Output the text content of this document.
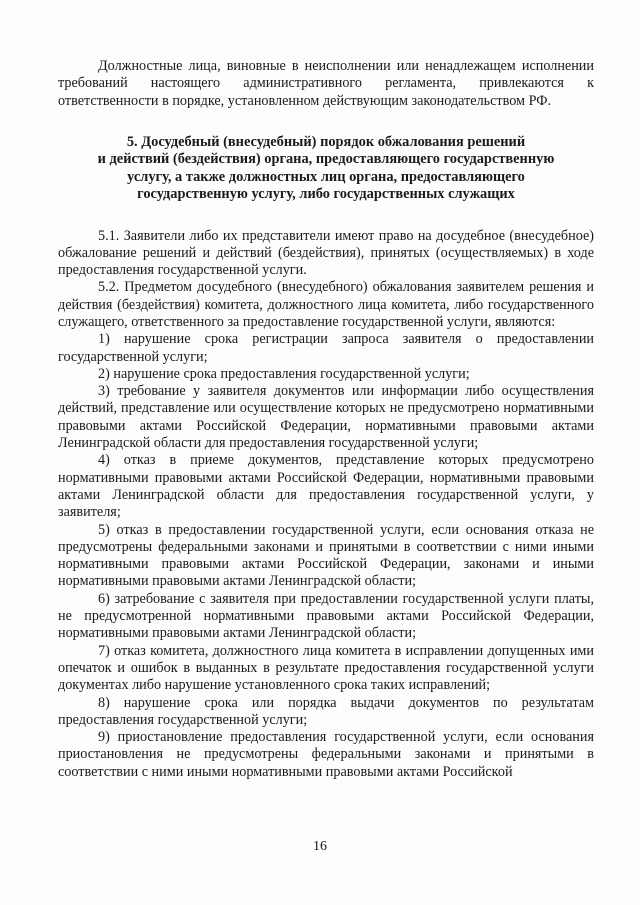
Должностные лица, виновные в неисполнении или ненадлежащем исполнении требований настоящего административного регламента, привлекаются к ответственности в порядке, установленном действующим законодательством РФ.

5. Досудебный (внесудебный) порядок обжалования решений
и действий (бездействия) органа, предоставляющего государственную
услугу, а также должностных лиц органа, предоставляющего
государственную услугу, либо государственных служащих

5.1. Заявители либо их представители имеют право на досудебное (внесудебное) обжалование решений и действий (бездействия), принятых (осуществляемых) в ходе предоставления государственной услуги.

5.2. Предметом досудебного (внесудебного) обжалования заявителем решения и действия (бездействия) комитета, должностного лица комитета, либо государственного служащего, ответственного за предоставление государственной услуги, являются:

1) нарушение срока регистрации запроса заявителя о предоставлении государственной услуги;

2) нарушение срока предоставления государственной услуги;

3) требование у заявителя документов или информации либо осуществления действий, представление или осуществление которых не предусмотрено нормативными правовыми актами Российской Федерации, нормативными правовыми актами Ленинградской области для предоставления государственной услуги;

4) отказ в приеме документов, представление которых предусмотрено нормативными правовыми актами Российской Федерации, нормативными правовыми актами Ленинградской области для предоставления государственной услуги, у заявителя;

5) отказ в предоставлении государственной услуги, если основания отказа не предусмотрены федеральными законами и принятыми в соответствии с ними иными нормативными правовыми актами Российской Федерации, законами и иными нормативными правовыми актами Ленинградской области;

6) затребование с заявителя при предоставлении государственной услуги платы, не предусмотренной нормативными правовыми актами Российской Федерации, нормативными правовыми актами Ленинградской области;

7) отказ комитета, должностного лица комитета в исправлении допущенных ими опечаток и ошибок в выданных в результате предоставления государственной услуги документах либо нарушение установленного срока таких исправлений;

8) нарушение срока или порядка выдачи документов по результатам предоставления государственной услуги;

9) приостановление предоставления государственной услуги, если основания приостановления не предусмотрены федеральными законами и принятыми в соответствии с ними иными нормативными правовыми актами Российской

16
